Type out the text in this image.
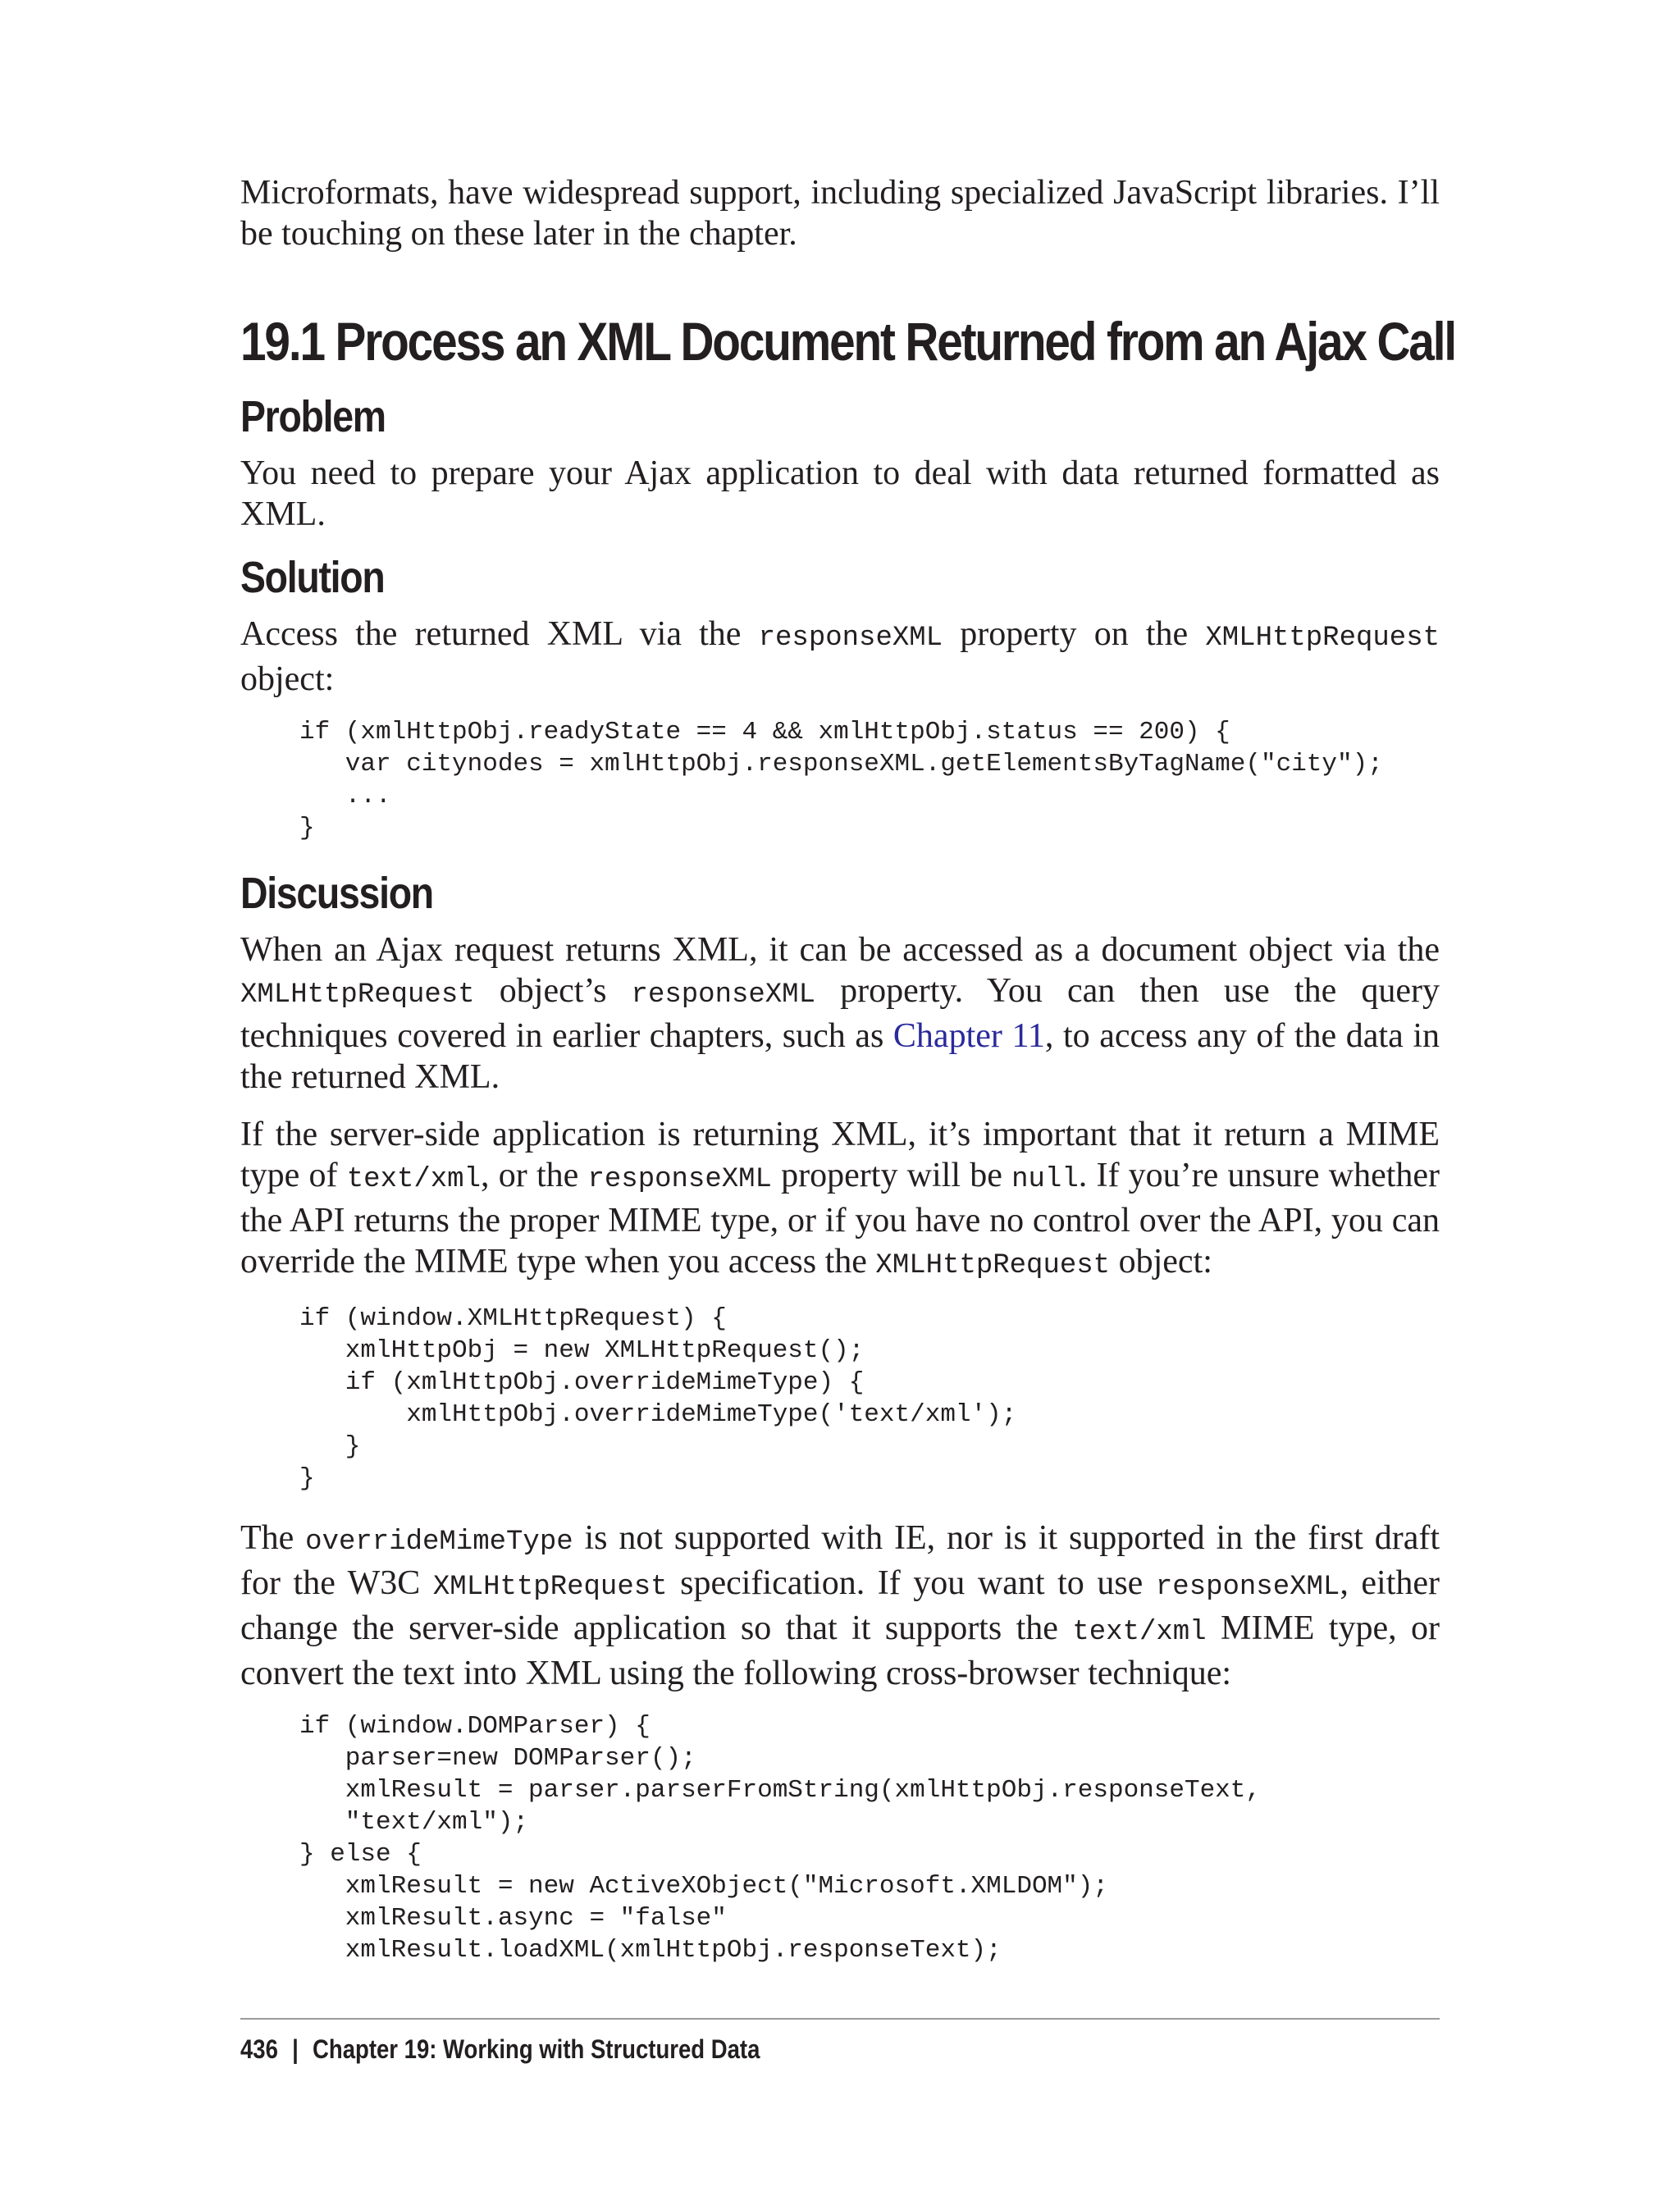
Microformats, have widespread support, including specialized JavaScript libraries. I’ll be touching on these later in the chapter.

19.1 Process an XML Document Returned from an Ajax Call
Problem

You need to prepare your Ajax application to deal with data returned formatted as XML.

Solution

Access the returned XML via the responseXML property on the XMLHttpRequest object:

if (xmlHttpObj.readyState == 4 && xmlHttpObj.status == 200) {
var citynodes = xmlHttpObj.responseXML.getElementsByTagName("city");
...
}
Discussion

When an Ajax request returns XML, it can be accessed as a document object via the XMLHttpRequest object’s responseXML property. You can then use the query techniques covered in earlier chapters, such as Chapter 11, to access any of the data in the returned XML.

If the server-side application is returning XML, it’s important that it return a MIME type of text/xml, or the responseXML property will be null. If you’re unsure whether the API returns the proper MIME type, or if you have no control over the API, you can override the MIME type when you access the XMLHttpRequest object:

if (window.XMLHttpRequest) {
xmlHttpObj = new XMLHttpRequest();
if (xmlHttpObj.overrideMimeType) {
xmlHttpObj.overrideMimeType('text/xml');
}
}

The overrideMimeType is not supported with IE, nor is it supported in the first draft for the W3C XMLHttpRequest specification. If you want to use responseXML, either change the server-side application so that it supports the text/xml MIME type, or convert the text into XML using the following cross-browser technique:

if (window.DOMParser) {
parser=new DOMParser();
xmlResult = parser.parserFromString(xmlHttpObj.responseText,
"text/xml");
} else {
xmlResult = new ActiveXObject("Microsoft.XMLDOM");
xmlResult.async = "false"
xmlResult.loadXML(xmlHttpObj.responseText);
436 | Chapter 19: Working with Structured Data
